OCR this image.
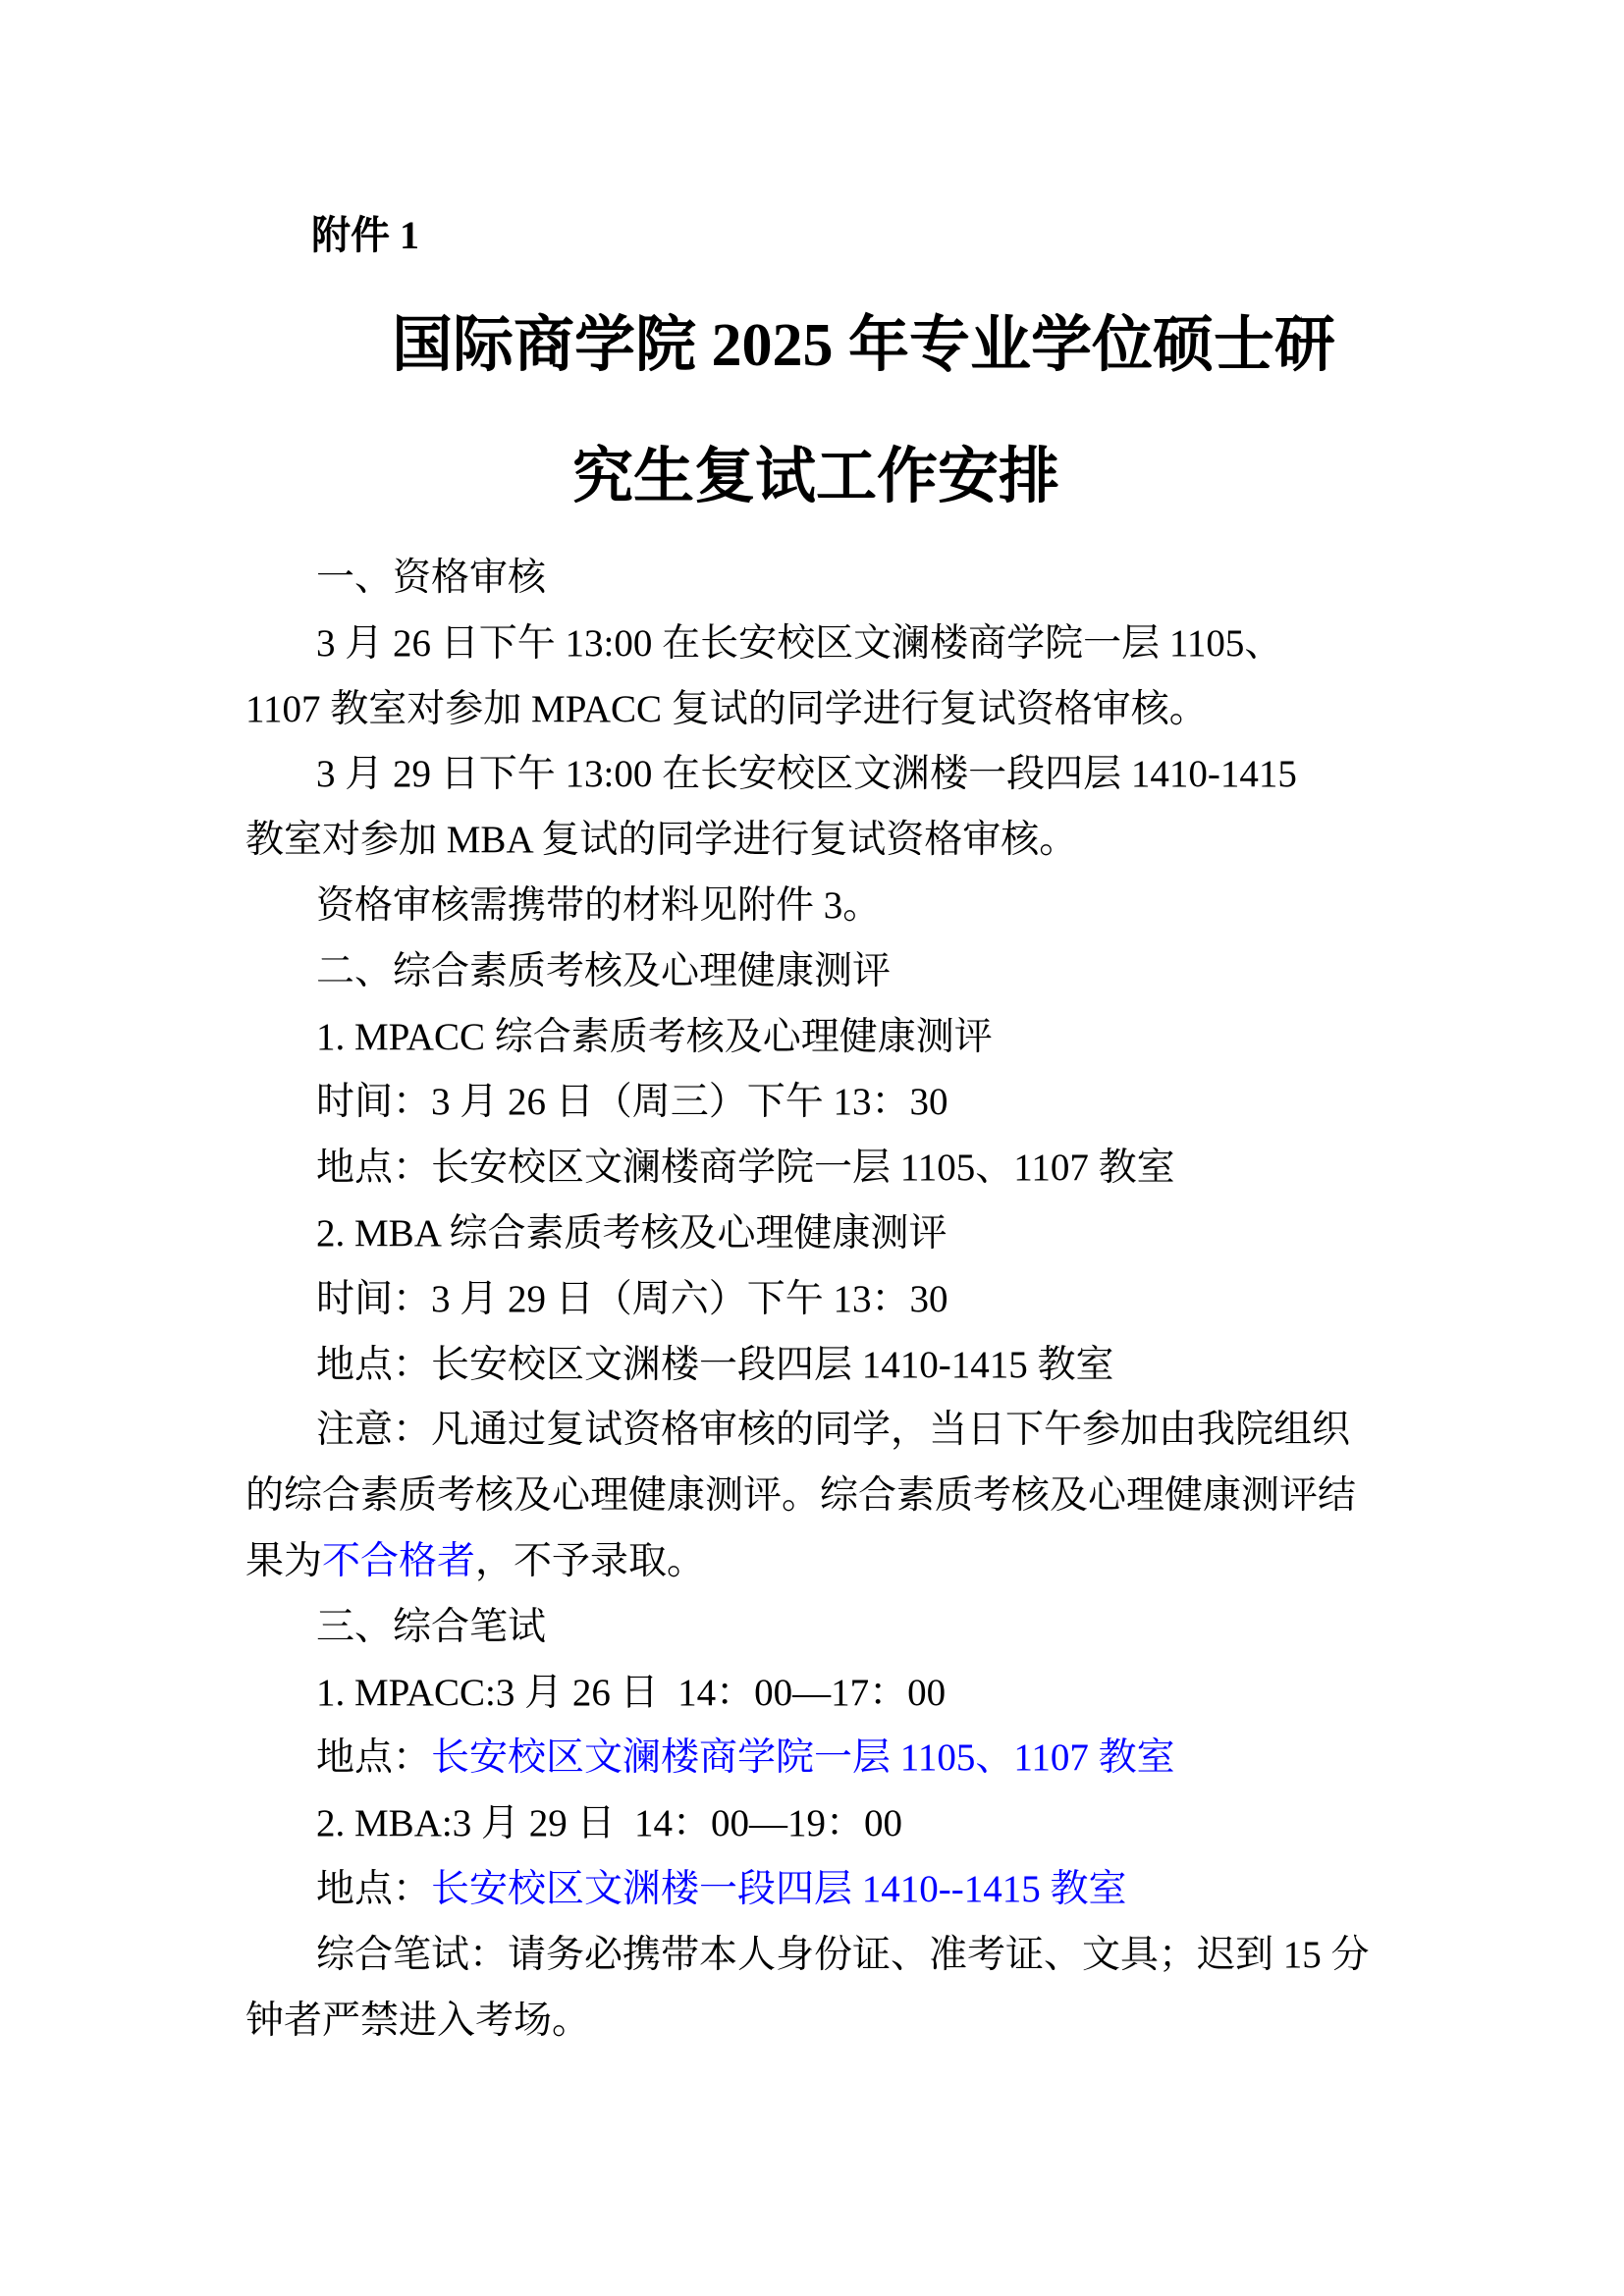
附件 1
国际商学院 2025 年专业学位硕士研
究生复试工作安排
一、资格审核
3 月 26 日下午 13:00 在长安校区文澜楼商学院一层 1105、
1107 教室对参加 MPACC 复试的同学进行复试资格审核。
3 月 29 日下午 13:00 在长安校区文渊楼一段四层 1410-1415
教室对参加 MBA 复试的同学进行复试资格审核。
资格审核需携带的材料见附件 3。
二、综合素质考核及心理健康测评
1. MPACC 综合素质考核及心理健康测评
时间：3 月 26 日（周三）下午 13：30
地点：长安校区文澜楼商学院一层 1105、1107 教室
2. MBA 综合素质考核及心理健康测评
时间：3 月 29 日（周六）下午 13：30
地点：长安校区文渊楼一段四层 1410-1415 教室
注意：凡通过复试资格审核的同学，当日下午参加由我院组织
的综合素质考核及心理健康测评。综合素质考核及心理健康测评结
果为不合格者，不予录取。
三、综合笔试
1. MPACC:3 月 26 日  14：00—17：00
地点：长安校区文澜楼商学院一层 1105、1107 教室
2. MBA:3 月 29 日  14：00—19：00
地点：长安校区文渊楼一段四层 1410--1415 教室
综合笔试：请务必携带本人身份证、准考证、文具；迟到 15 分
钟者严禁进入考场。
